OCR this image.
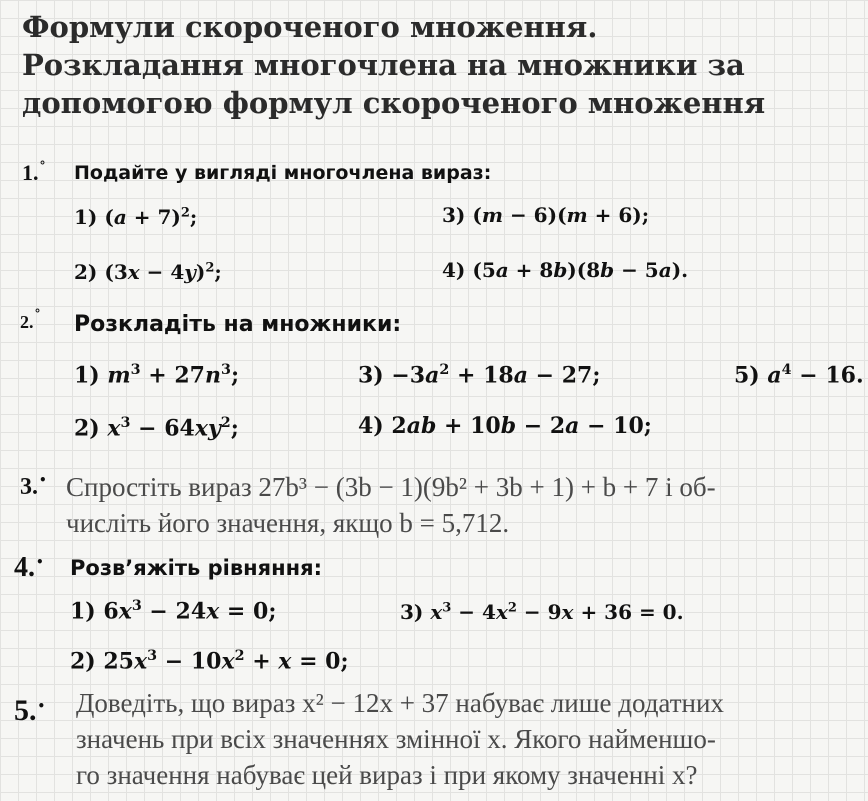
Формули скороченого множення.
Розкладання многочлена на множники за
допомогою формул скороченого множення
1.° Подайте у вигляді многочлена вираз:
1) $(a + 7)^2$;
2) $(3x - 4y)^2$;
3) (m − 6)(m + 6);
4) (5a + 8b)(8b − 5a).
2.° Розкладіть на множники:
1) $m^3 + 27n^3$;
2) $x^3 - 64xy^2$;
$3) -3a^2 + 18a - 27$;
4) 2ab + 10b − 2a − 10;
5) $a^4 - 16$.
3.• Спростіть вираз 27b³ − (3b − 1)(9b² + 3b + 1) + b + 7 і об-
числіть його значення, якщо b = 5,712.
4.• Розв’яжіть рівняння:
1) $6x^3 - 24x = 0$;
2) $25x^3 - 10x^2 + x = 0$;
3) $x^3 - 4x^2 - 9x + 36 = 0$.
5.• Доведіть, що вираз x² − 12x + 37 набуває лише додатних
значень при всіх значеннях змінної x. Якого найменшо-
го значення набуває цей вираз і при якому значенні x?
